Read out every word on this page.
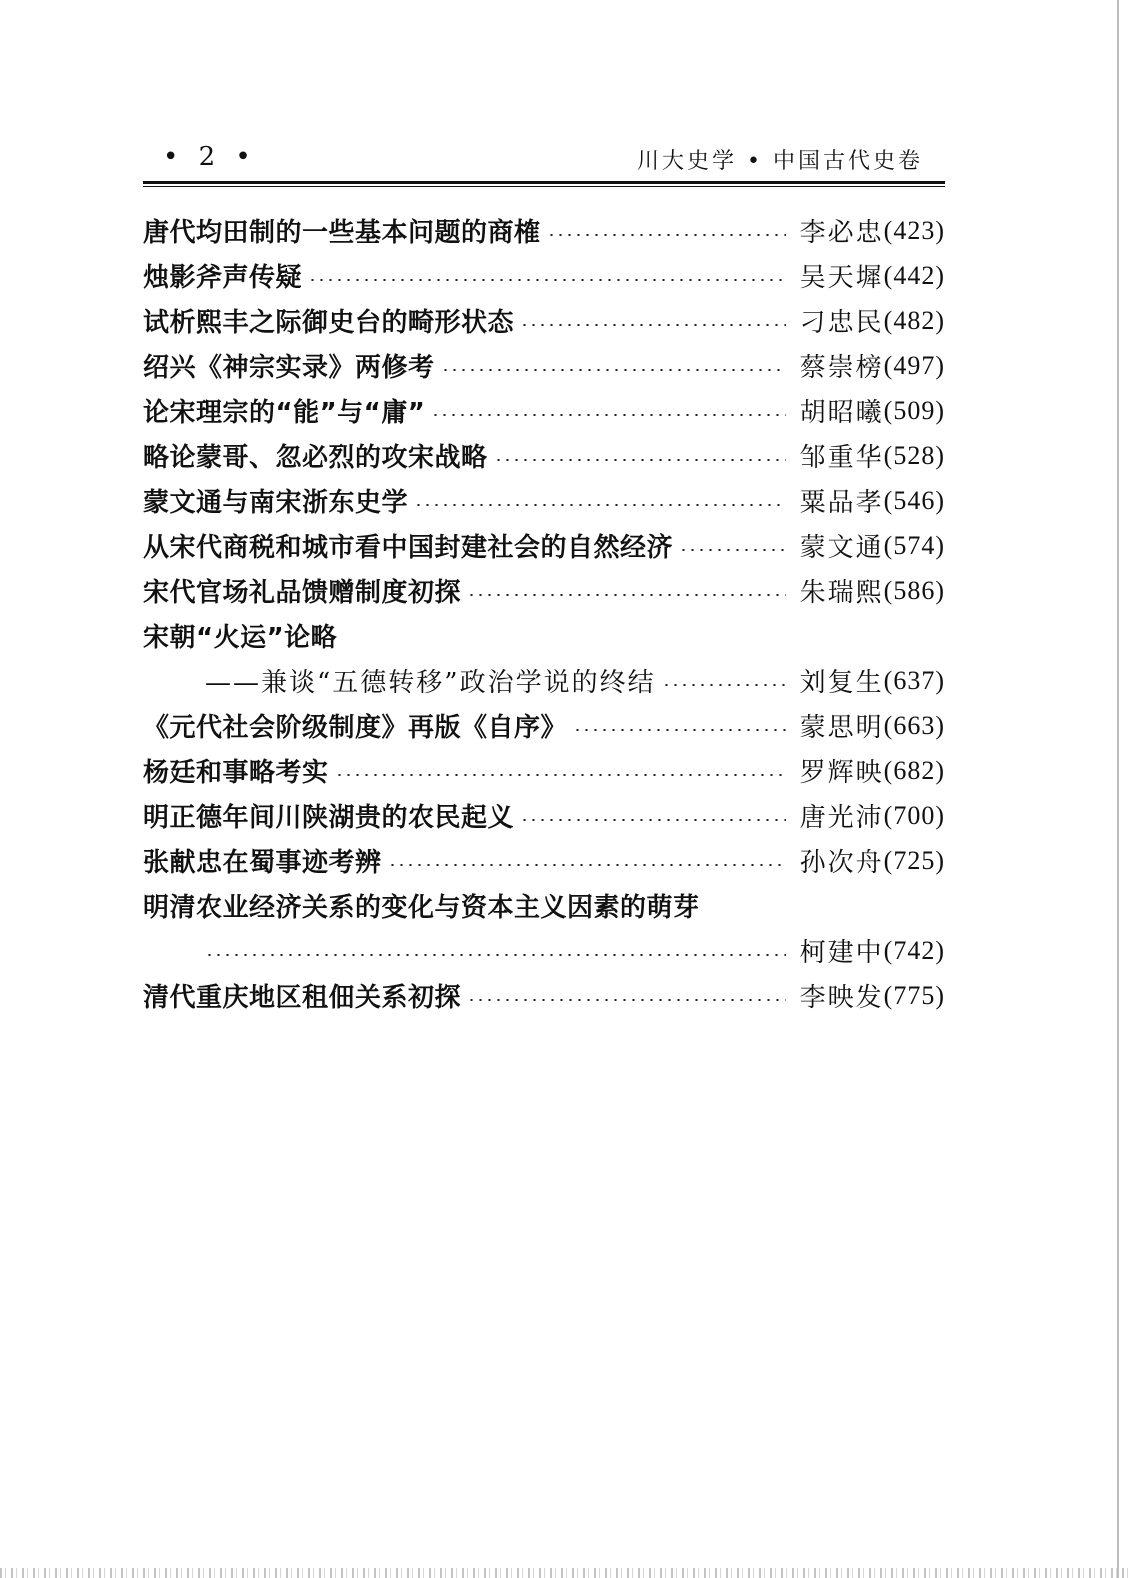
• 2 •	川大史学 • 中国古代史卷
唐代均田制的一些基本问题的商榷	李必忠 (423)
烛影斧声传疑	吴天墀 (442)
试析熙丰之际御史台的畸形状态	刁忠民 (482)
绍兴《神宗实录》两修考	蔡崇榜 (497)
论宋理宗的“能”与“庸”	胡昭曦 (509)
略论蒙哥、忽必烈的攻宋战略	邹重华 (528)
蒙文通与南宋浙东史学	粟品孝 (546)
从宋代商税和城市看中国封建社会的自然经济	蒙文通 (574)
宋代官场礼品馈赠制度初探	朱瑞熙 (586)
宋朝“火运”论略
——兼谈“五德转移”政治学说的终结	刘复生 (637)
《元代社会阶级制度》再版《自序》	蒙思明 (663)
杨廷和事略考实	罗辉映 (682)
明正德年间川陕湖贵的农民起义	唐光沛 (700)
张献忠在蜀事迹考辨	孙次舟 (725)
明清农业经济关系的变化与资本主义因素的萌芽
柯建中 (742)
清代重庆地区租佃关系初探	李映发 (775)
